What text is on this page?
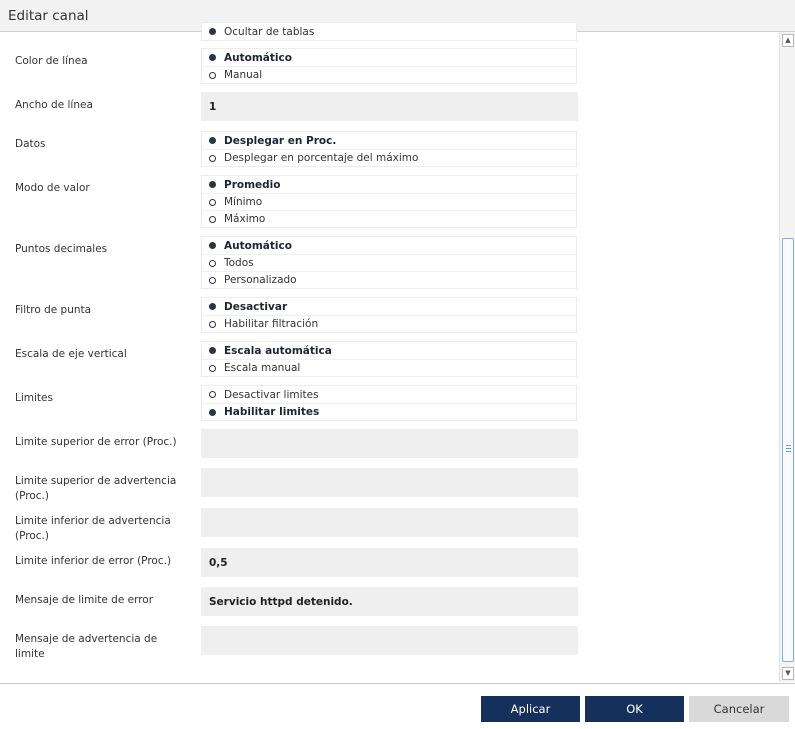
Editar canal
Ocultar de tablas
Color de línea	Automático
Manual
Ancho de línea	1
Datos	Desplegar en Proc.
Desplegar en porcentaje del máximo
Modo de valor	Promedio
Mínimo
Máximo
Puntos decimales	Automático
Todos
Personalizado
Filtro de punta	Desactivar
Habilitar filtración
Escala de eje vertical	Escala automática
Escala manual
Limites	Desactivar limites
Habilitar limites
Limite superior de error (Proc.)
Limite superior de advertencia (Proc.)
Limite inferior de advertencia (Proc.)
Limite inferior de error (Proc.)	0,5
Mensaje de limite de error	Servicio httpd detenido.
Mensaje de advertencia de limite
▲
▼
Aplicar	OK	Cancelar
